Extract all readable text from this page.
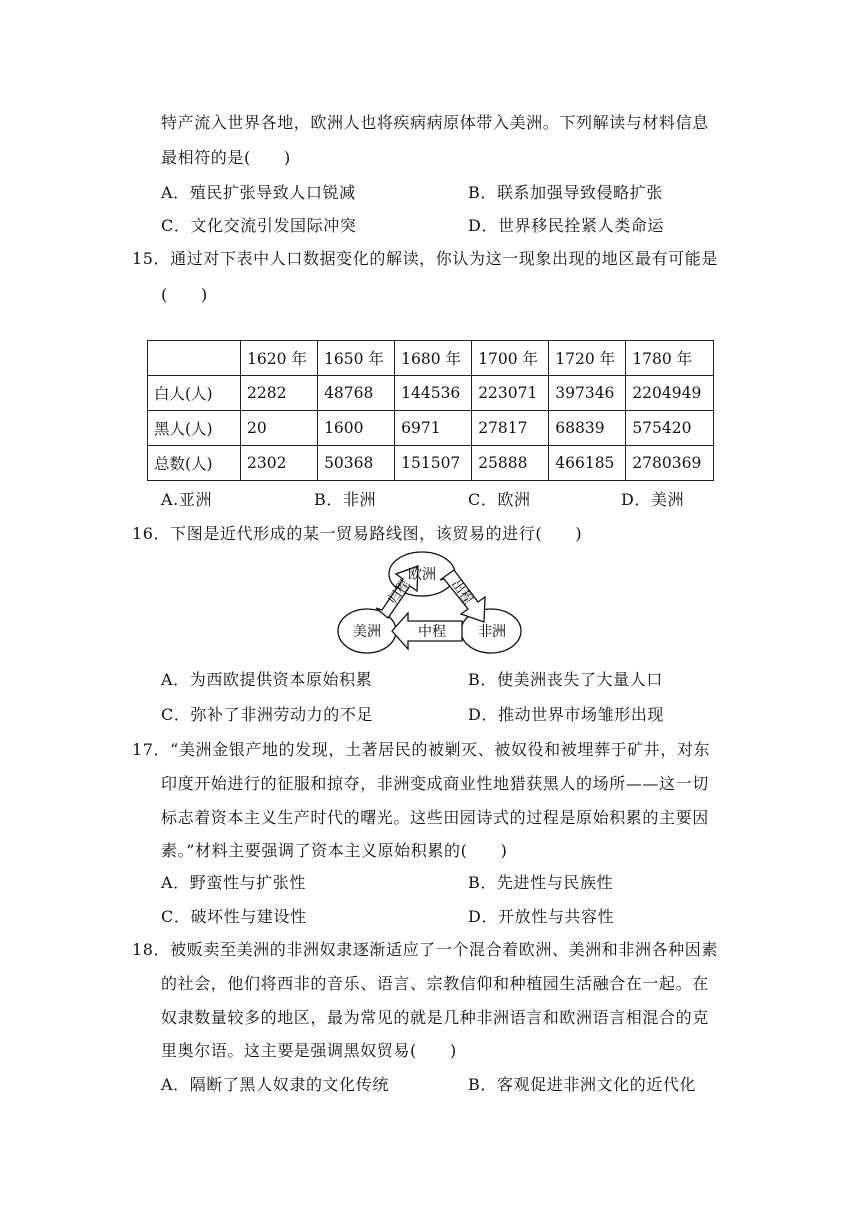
特产流入世界各地，欧洲人也将疾病病原体带入美洲。下列解读与材料信息
最相符的是(　　)
A．殖民扩张导致人口锐减	B．联系加强导致侵略扩张
C．文化交流引发国际冲突	D．世界移民拴紧人类命运
15．通过对下表中人口数据变化的解读，你认为这一现象出现的地区最有可能是
(　　)
	1620 年	1650 年	1680 年	1700 年	1720 年	1780 年
白人(人)	2282	48768	144536	223071	397346	2204949
黑人(人)	20	1600	6971	27817	68839	575420
总数(人)	2302	50368	151507	25888	466185	2780369
A.亚洲	B．非洲	C．欧洲	D．美洲
16．下图是近代形成的某一贸易路线图，该贸易的进行(　　)
欧洲
美洲	非洲
中程
归程	出程
A．为西欧提供资本原始积累	B．使美洲丧失了大量人口
C．弥补了非洲劳动力的不足	D．推动世界市场雏形出现
17．“美洲金银产地的发现，土著居民的被剿灭、被奴役和被埋葬于矿井，对东
印度开始进行的征服和掠夺，非洲变成商业性地猎获黑人的场所——这一切
标志着资本主义生产时代的曙光。这些田园诗式的过程是原始积累的主要因
素。”材料主要强调了资本主义原始积累的(　　)
A．野蛮性与扩张性	B．先进性与民族性
C．破坏性与建设性	D．开放性与共容性
18．被贩卖至美洲的非洲奴隶逐渐适应了一个混合着欧洲、美洲和非洲各种因素
的社会，他们将西非的音乐、语言、宗教信仰和种植园生活融合在一起。在
奴隶数量较多的地区，最为常见的就是几种非洲语言和欧洲语言相混合的克
里奥尔语。这主要是强调黑奴贸易(　　)
A．隔断了黑人奴隶的文化传统	B．客观促进非洲文化的近代化
